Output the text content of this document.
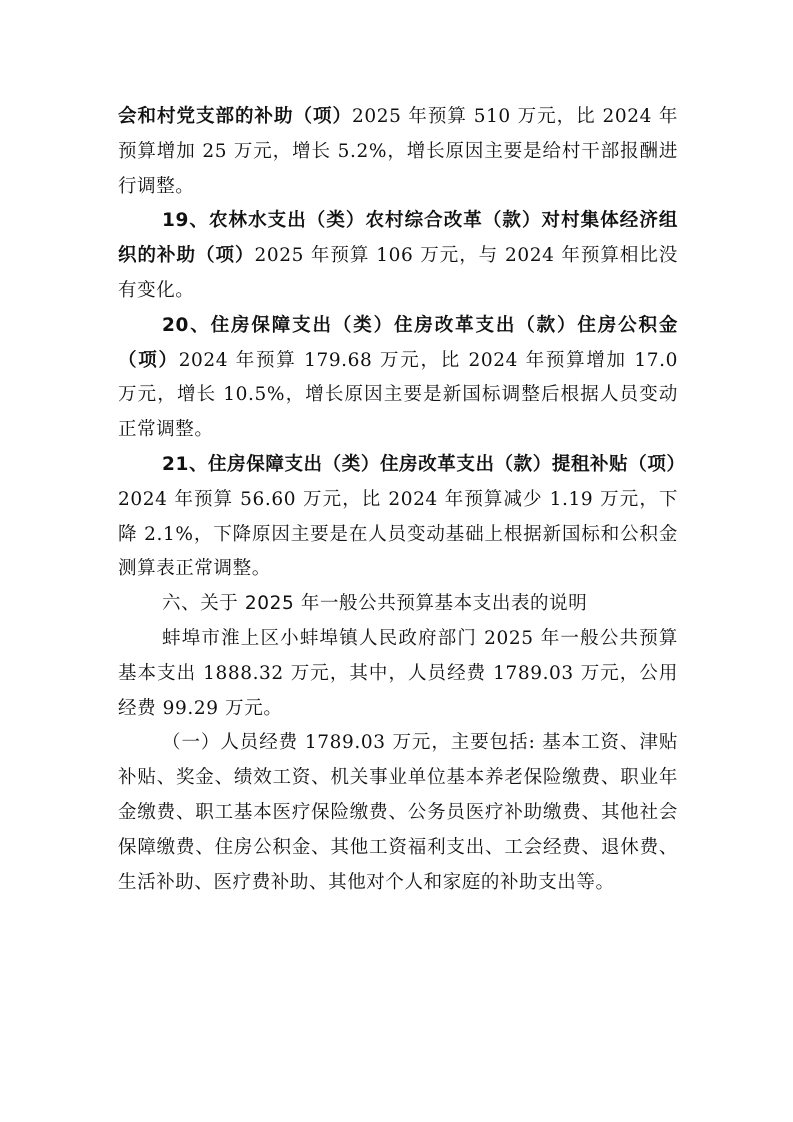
会和村党支部的补助（项）2025 年预算 510 万元，比 2024 年预算增加 25 万元，增长 5.2%，增长原因主要是给村干部报酬进行调整。

19、农林水支出（类）农村综合改革（款）对村集体经济组织的补助（项）2025 年预算 106 万元，与 2024 年预算相比没有变化。

20、住房保障支出（类）住房改革支出（款）住房公积金（项）2024 年预算 179.68 万元，比 2024 年预算增加 17.0 万元，增长 10.5%，增长原因主要是新国标调整后根据人员变动正常调整。

21、住房保障支出（类）住房改革支出（款）提租补贴（项）2024 年预算 56.60 万元，比 2024 年预算减少 1.19 万元，下降 2.1%，下降原因主要是在人员变动基础上根据新国标和公积金测算表正常调整。

六、关于 2025 年一般公共预算基本支出表的说明

蚌埠市淮上区小蚌埠镇人民政府部门 2025 年一般公共预算基本支出 1888.32 万元，其中，人员经费 1789.03 万元，公用经费 99.29 万元。

（一）人员经费 1789.03 万元，主要包括: 基本工资、津贴补贴、奖金、绩效工资、机关事业单位基本养老保险缴费、职业年金缴费、职工基本医疗保险缴费、公务员医疗补助缴费、其他社会保障缴费、住房公积金、其他工资福利支出、工会经费、退休费、生活补助、医疗费补助、其他对个人和家庭的补助支出等。
